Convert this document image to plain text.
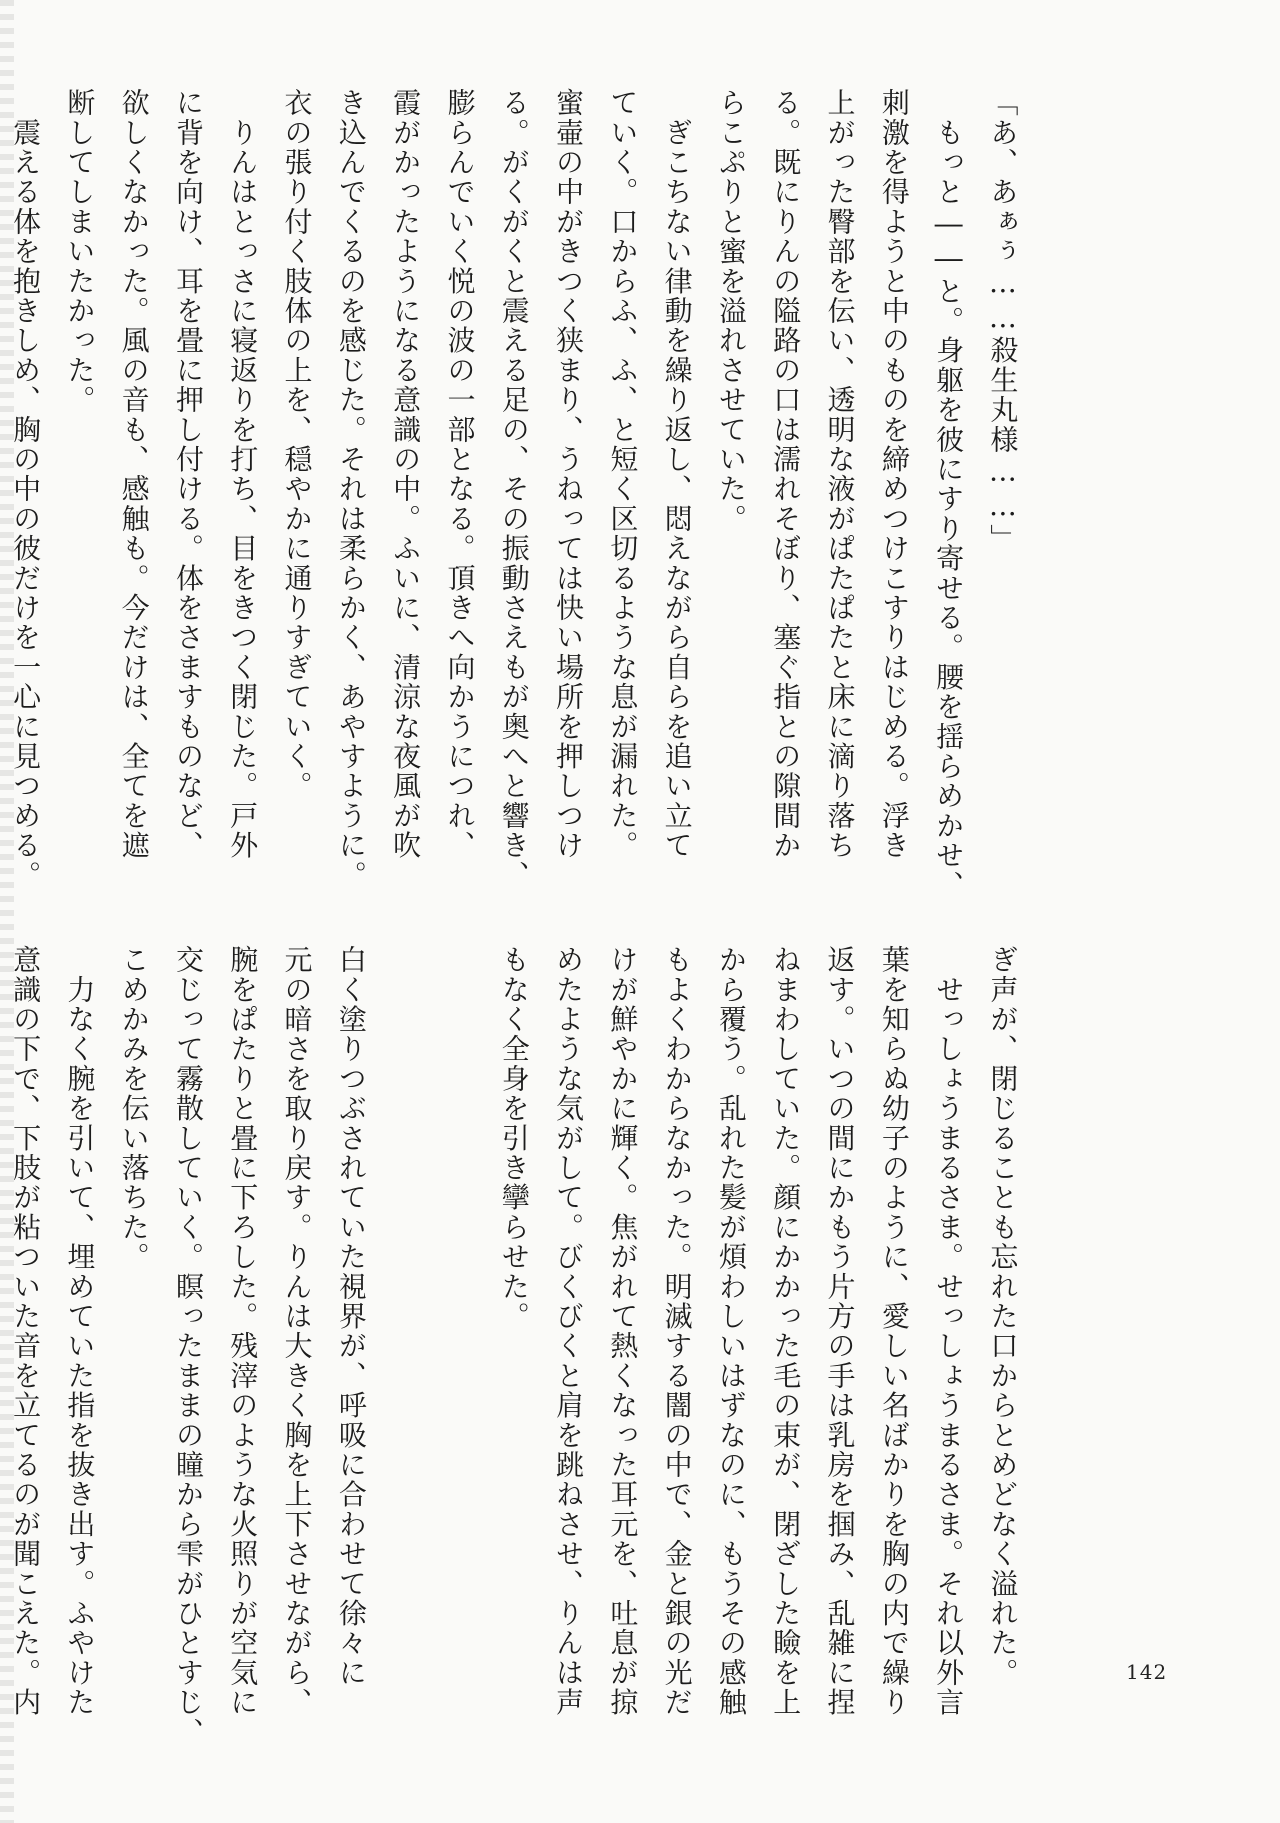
「あ、あぁぅ……殺生丸様……」
　もっと――と。身躯を彼にすり寄せる。腰を揺らめかせ、
刺激を得ようと中のものを締めつけこすりはじめる。浮き
上がった臀部を伝い、透明な液がぱたぱたと床に滴り落ち
る。既にりんの隘路の口は濡れそぼり、塞ぐ指との隙間か
らこぷりと蜜を溢れさせていた。
　ぎこちない律動を繰り返し、悶えながら自らを追い立て
ていく。口からふ、ふ、と短く区切るような息が漏れた。
蜜壷の中がきつく狭まり、うねっては快い場所を押しつけ
る。がくがくと震える足の、その振動さえもが奥へと響き、
膨らんでいく悦の波の一部となる。頂きへ向かうにつれ、
霞がかったようになる意識の中。ふいに、清涼な夜風が吹
き込んでくるのを感じた。それは柔らかく、あやすように。
衣の張り付く肢体の上を、穏やかに通りすぎていく。
　りんはとっさに寝返りを打ち、目をきつく閉じた。戸外
に背を向け、耳を畳に押し付ける。体をさますものなど、
欲しくなかった。風の音も、感触も。今だけは、全てを遮
断してしまいたかった。
　震える体を抱きしめ、胸の中の彼だけを一心に見つめる。

ぎ声が、閉じることも忘れた口からとめどなく溢れた。
　せっしょうまるさま。せっしょうまるさま。それ以外言
葉を知らぬ幼子のように、愛しい名ばかりを胸の内で繰り
返す。いつの間にかもう片方の手は乳房を掴み、乱雑に捏
ねまわしていた。顔にかかった毛の束が、閉ざした瞼を上
から覆う。乱れた髪が煩わしいはずなのに、もうその感触
もよくわからなかった。明滅する闇の中で、金と銀の光だ
けが鮮やかに輝く。焦がれて熱くなった耳元を、吐息が掠
めたような気がして。びくびくと肩を跳ねさせ、りんは声
もなく全身を引き攣らせた。

白く塗りつぶされていた視界が、呼吸に合わせて徐々に
元の暗さを取り戻す。りんは大きく胸を上下させながら、
腕をぱたりと畳に下ろした。残滓のような火照りが空気に
交じって霧散していく。瞑ったままの瞳から雫がひとすじ、
こめかみを伝い落ちた。
　力なく腕を引いて、埋めていた指を抜き出す。ふやけた
意識の下で、下肢が粘ついた音を立てるのが聞こえた。内

	142
